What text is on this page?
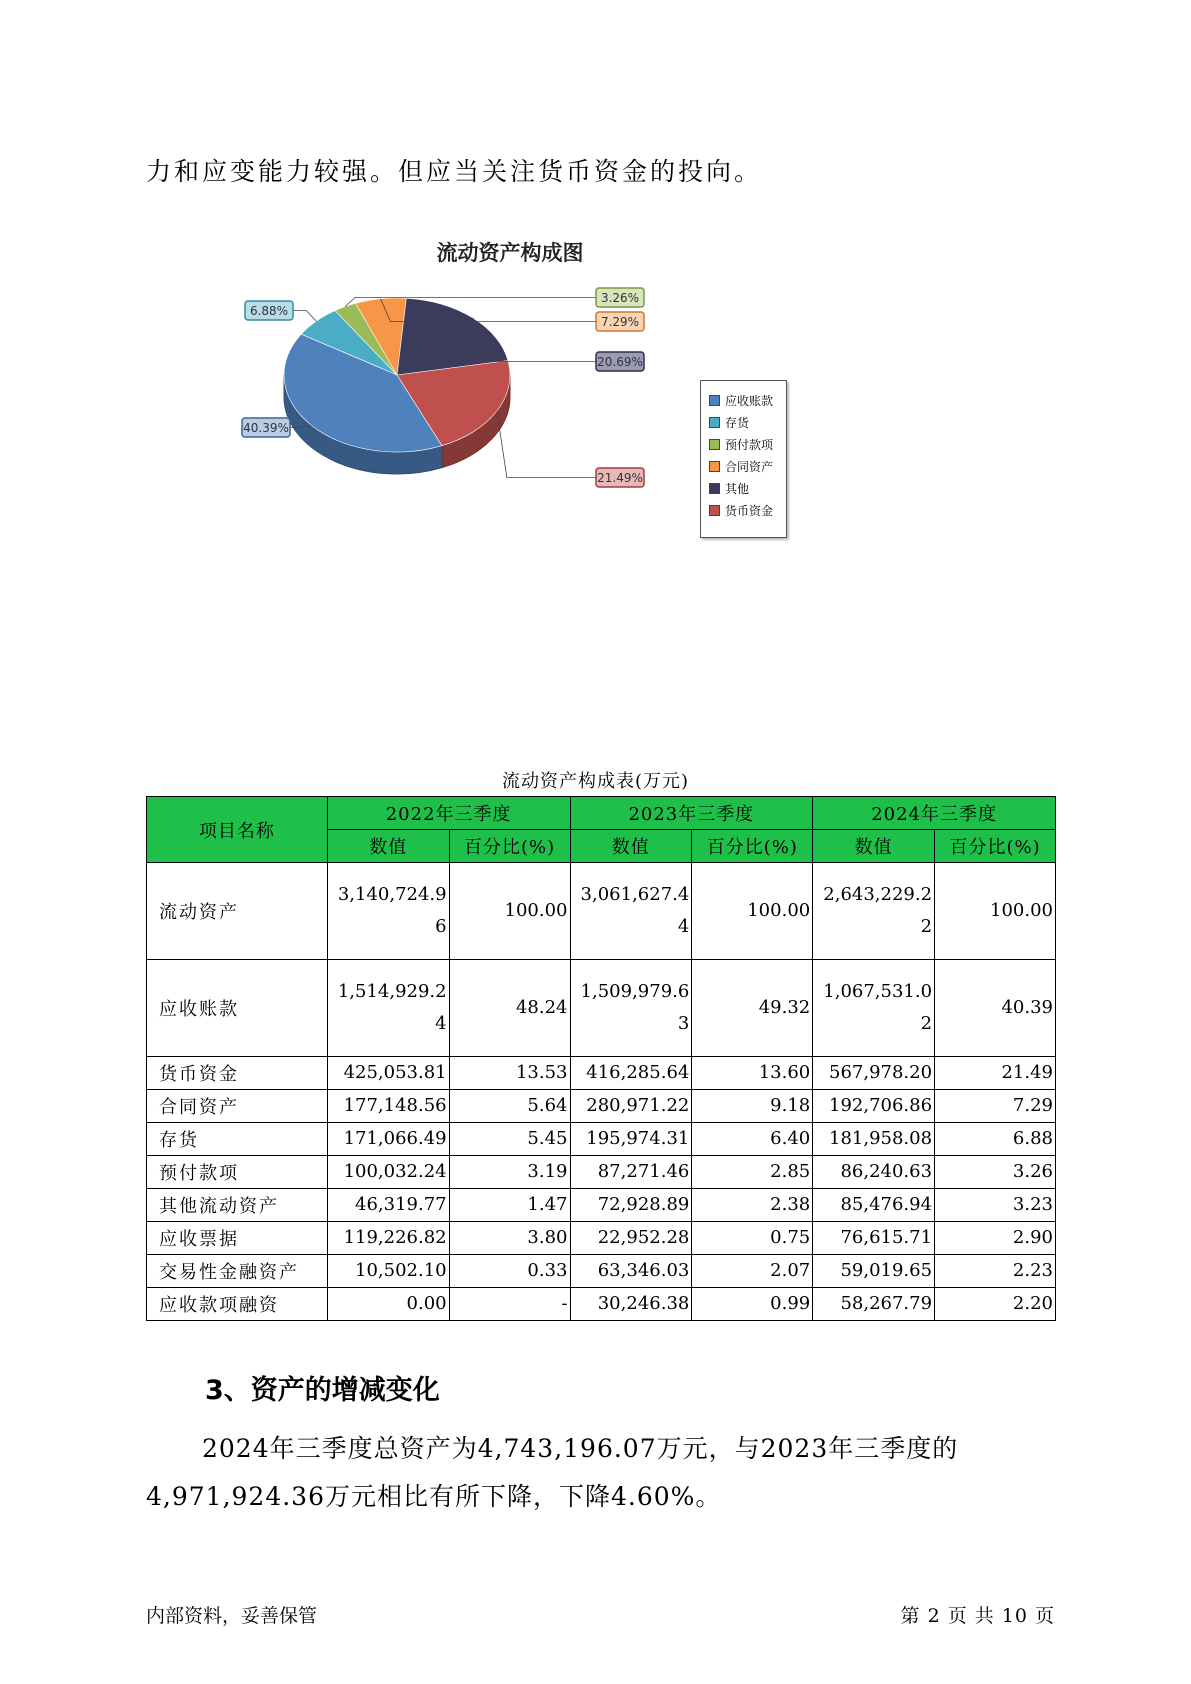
力和应变能力较强。但应当关注货币资金的投向。
流动资产构成图
6.88%
3.26%
7.29%
20.69%
21.49%
40.39%
应收账款
存货
预付款项
合同资产
其他
货币资金
流动资产构成表(万元)
项目名称	2022年三季度		2023年三季度		2024年三季度	
	数值	百分比(%)	数值	百分比(%)	数值	百分比(%)
流动资产	3,140,724.96	100.00	3,061,627.44	100.00	2,643,229.22	100.00
应收账款	1,514,929.24	48.24	1,509,979.63	49.32	1,067,531.02	40.39
货币资金	425,053.81	13.53	416,285.64	13.60	567,978.20	21.49
合同资产	177,148.56	5.64	280,971.22	9.18	192,706.86	7.29
存货	171,066.49	5.45	195,974.31	6.40	181,958.08	6.88
预付款项	100,032.24	3.19	87,271.46	2.85	86,240.63	3.26
其他流动资产	46,319.77	1.47	72,928.89	2.38	85,476.94	3.23
应收票据	119,226.82	3.80	22,952.28	0.75	76,615.71	2.90
交易性金融资产	10,502.10	0.33	63,346.03	2.07	59,019.65	2.23
应收款项融资	0.00	-	30,246.38	0.99	58,267.79	2.20
3、资产的增减变化
2024年三季度总资产为4,743,196.07万元，与2023年三季度的4,971,924.36万元相比有所下降，下降4.60%。
内部资料，妥善保管	第 2 页 共 10 页
